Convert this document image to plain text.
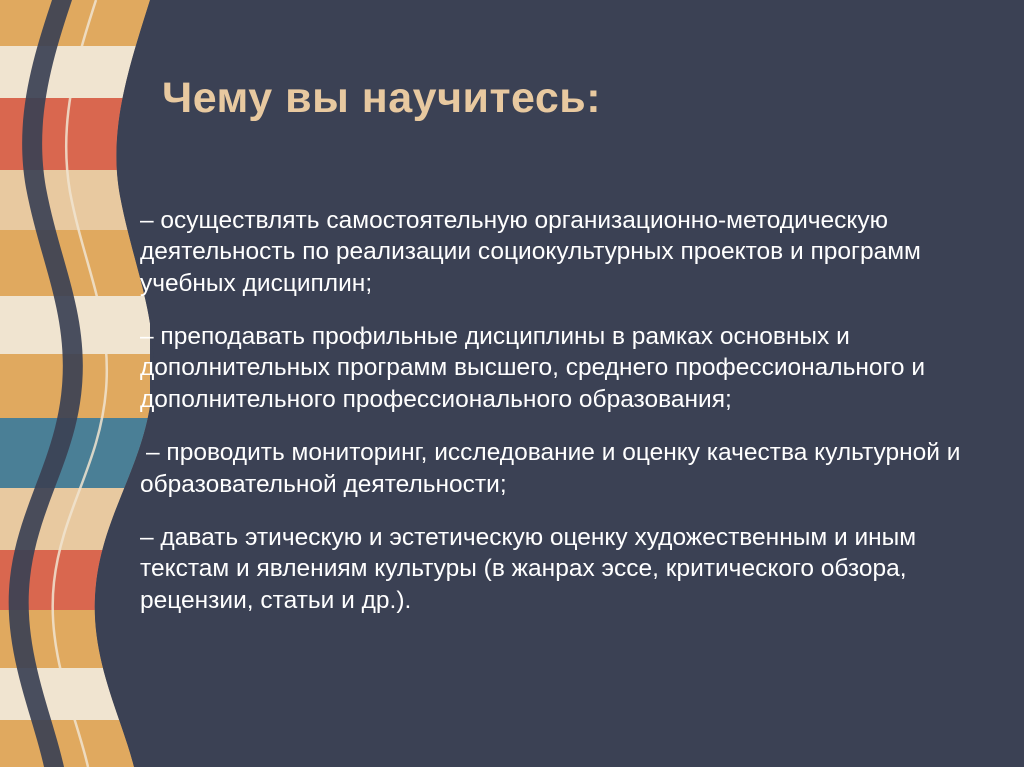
Чему вы научитесь:

– осуществлять самостоятельную организационно-методическую деятельность по реализации социокультурных проектов и программ учебных дисциплин;

– преподавать профильные дисциплины в рамках основных и дополнительных программ высшего, среднего профессионального и дополнительного профессионального образования;

– проводить мониторинг, исследование и оценку качества культурной и образовательной деятельности;

– давать этическую и эстетическую оценку художественным и иным текстам и явлениям культуры (в жанрах эссе, критического обзора, рецензии, статьи и др.).
